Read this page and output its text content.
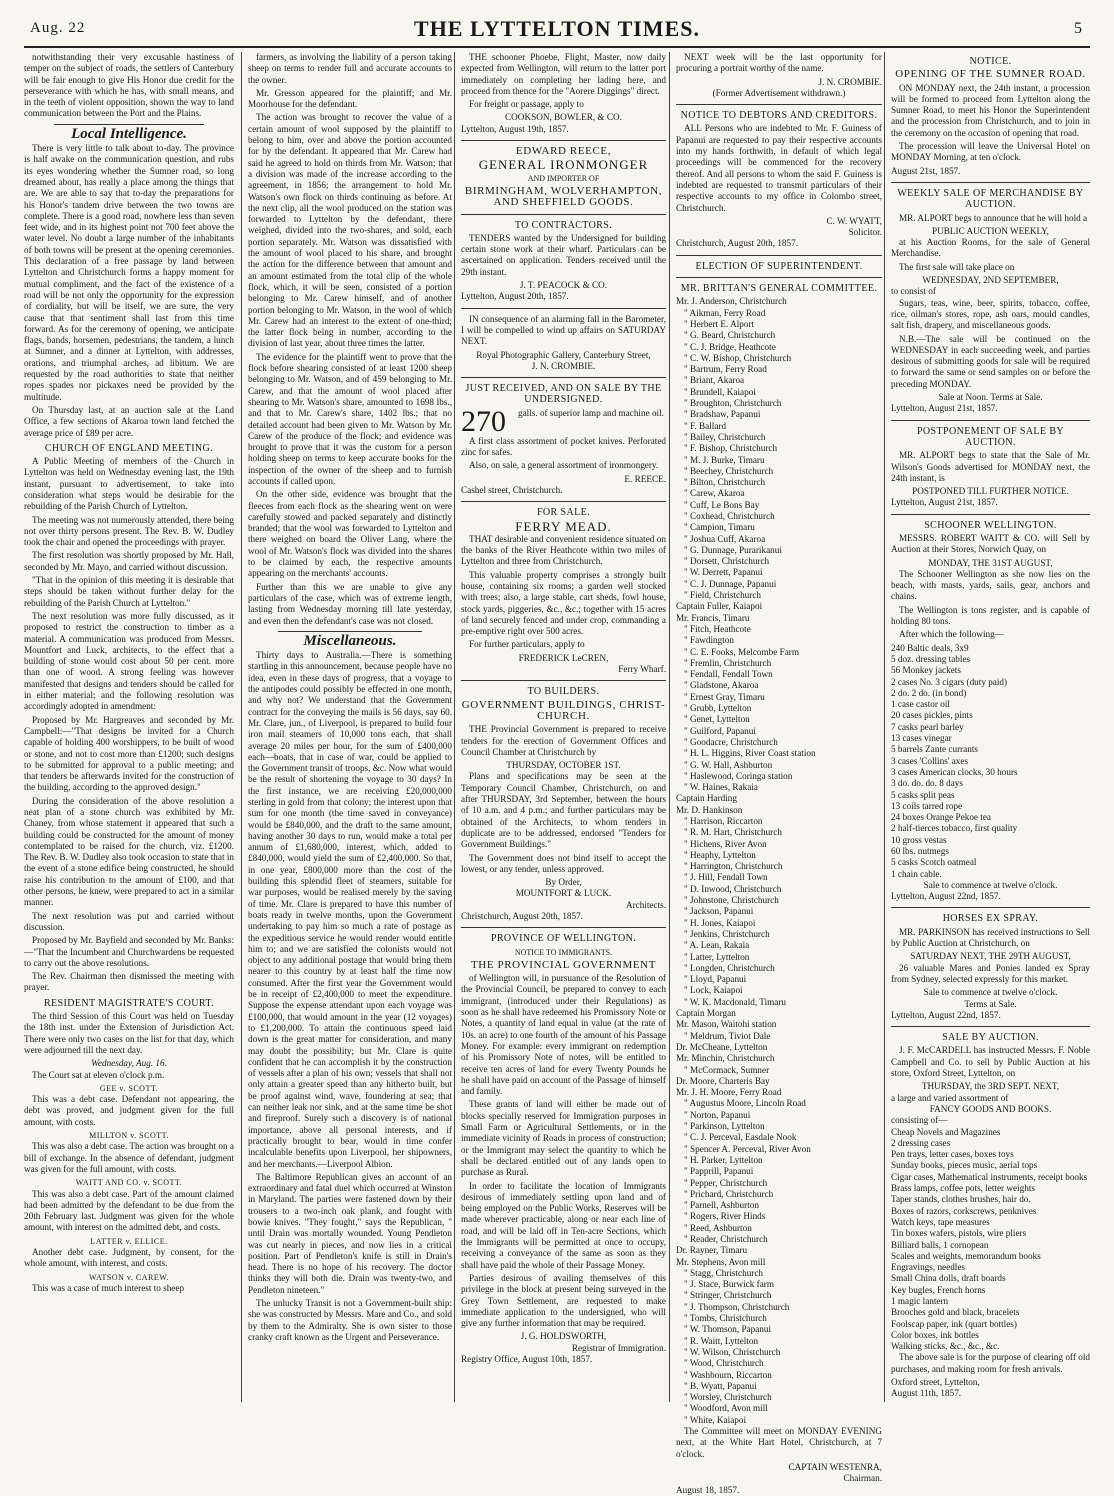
Aug. 22	THE LYTTELTON TIMES.	5

notwithstanding their very excusable hastiness of temper on the subject of roads, the settlers of Canterbury will be fair enough to give His Honor due credit for the perseverance with which he has, with small means, and in the teeth of violent opposition, shown the way to land communication between the Port and the Plains.

Local Intelligence.

There is very little to talk about to-day. The province is half awake on the communication question, and rubs its eyes wondering whether the Sumner road, so long dreamed about, has really a place among the things that are. We are able to say that to-day the preparations for his Honor's tandem drive between the two towns are complete. There is a good road, nowhere less than seven feet wide, and in its highest point not 700 feet above the water level. No doubt a large number of the inhabitants of both towns will be present at the opening ceremonies. This declaration of a free passage by land between Lyttelton and Christchurch forms a happy moment for mutual compliment, and the fact of the existence of a road will be not only the opportunity for the expression of cordiality, but will be itself, we are sure, the very cause that that sentiment shall last from this time forward. As for the ceremony of opening, we anticipate flags, bands, horsemen, pedestrians, the tandem, a lunch at Sumner, and a dinner at Lyttelton, with addresses, orations, and triumphal arches, ad libitum. We are requested by the road authorities to state that neither ropes spades nor pickaxes need be provided by the multitude.

On Thursday last, at an auction sale at the Land Office, a few sections of Akaroa town land fetched the average price of £89 per acre.

CHURCH OF ENGLAND MEETING.

A Public Meeting of members of the Church in Lyttelton was held on Wednesday evening last, the 19th instant, pursuant to advertisement, to take into consideration what steps would be desirable for the rebuilding of the Parish Church of Lyttelton.

The meeting was not numerously attended, there being not over thirty persons present. The Rev. B. W. Dudley took the chair and opened the proceedings with prayer.

The first resolution was shortly proposed by Mr. Hall, seconded by Mr. Mayo, and carried without discussion.

"That in the opinion of this meeting it is desirable that steps should be taken without further delay for the rebuilding of the Parish Church at Lyttelton."

The next resolution was more fully discussed, as it proposed to restrict the construction to timber as a material. A communication was produced from Messrs. Mountfort and Luck, architects, to the effect that a building of stone would cost about 50 per cent. more than one of wood. A strong feeling was however manifested that designs and tenders should be called for in either material; and the following resolution was accordingly adopted in amendment:

Proposed by Mr. Hargreaves and seconded by Mr. Campbell:—"That designs be invited for a Church capable of holding 400 worshippers, to be built of wood or stone, and not to cost more than £1200; such designs to be submitted for approval to a public meeting; and that tenders be afterwards invited for the construction of the building, according to the approved design."

During the consideration of the above resolution a neat plan of a stone church was exhibited by Mr. Chaney, from whose statement it appeared that such a building could be constructed for the amount of money contemplated to be raised for the church, viz. £1200. The Rev. B. W. Dudley also took occasion to state that in the event of a stone edifice being constructed, he should raise his contribution to the amount of £100, and that other persons, he knew, were prepared to act in a similar manner.

The next resolution was put and carried without discussion.

Proposed by Mr. Bayfield and seconded by Mr. Banks:—"That the Incumbent and Churchwardens be requested to carry out the above resolutions.

The Rev. Chairman then dismissed the meeting with prayer.

RESIDENT MAGISTRATE'S COURT.

The third Session of this Court was held on Tuesday the 18th inst. under the Extension of Jurisdiction Act. There were only two cases on the list for that day, which were adjourned till the next day.

Wednesday, Aug. 16.

The Court sat at eleven o'clock p.m.

GEE v. SCOTT.

This was a debt case. Defendant not appearing, the debt was proved, and judgment given for the full amount, with costs.

MILLTON v. SCOTT.

This was also a debt case. The action was brought on a bill of exchange. In the absence of defendant, judgment was given for the full amount, with costs.

WAITT AND CO. v. SCOTT.

This was also a debt case. Part of the amount claimed had been admitted by the defendant to be due from the 20th February last. Judgment was given for the whole amount, with interest on the admitted debt, and costs.

LATTER v. ELLICE.

Another debt case. Judgment, by consent, for the whole amount, with interest, and costs.

WATSON v. CAREW.

This was a case of much interest to sheep

farmers, as involving the liability of a person taking sheep on terms to render full and accurate accounts to the owner.

Mr. Gresson appeared for the plaintiff; and Mr. Moorhouse for the defendant.

The action was brought to recover the value of a certain amount of wool supposed by the plaintiff to belong to him, over and above the portion accounted for by the defendant. It appeared that Mr. Carew had said he agreed to hold on thirds from Mr. Watson; that a division was made of the increase according to the agreement, in 1856; the arrangement to hold Mr. Watson's own flock on thirds continuing as before. At the next clip, all the wool produced on the station was forwarded to Lyttelton by the defendant, there weighed, divided into the two-shares, and sold, each portion separately. Mr. Watson was dissatisfied with the amount of wool placed to his share, and brought the action for the difference between that amount and an amount estimated from the total clip of the whole flock, which, it will be seen, consisted of a portion belonging to Mr. Carew himself, and of another portion belonging to Mr. Watson, in the wool of which Mr. Carew had an interest to the extent of one-third; the latter flock being in number, according to the division of last year, about three times the latter.

The evidence for the plaintiff went to prove that the flock before shearing consisted of at least 1200 sheep belonging to Mr. Watson, and of 459 belonging to Mr. Carew, and that the amount of wool placed after shearing to Mr. Watson's share, amounted to 1698 lbs., and that to Mr. Carew's share, 1402 lbs.; that no detailed account had been given to Mr. Watson by Mr. Carew of the produce of the flock; and evidence was brought to prove that it was the custom for a person holding sheep on terms to keep accurate books for the inspection of the owner of the sheep and to furnish accounts if called upon.

On the other side, evidence was brought that the fleeces from each flock as the shearing went on were carefully stowed and packed separately and distinctly branded; that the wool was forwarded to Lyttelton and there weighed on board the Oliver Lang, where the wool of Mr. Watson's flock was divided into the shares to be claimed by each, the respective amounts appearing on the merchants' accounts.

Further than this we are unable to give any particulars of the case, which was of extreme length, lasting from Wednesday morning till late yesterday, and even then the defendant's case was not closed.

Miscellaneous.

Thirty days to Australia.—There is something startling in this announcement, because people have no idea, even in these days of progress, that a voyage to the antipodes could possibly be effected in one month, and why not? We understand that the Government contract for the conveying the mails is 56 days, say 60. Mr. Clare, jun., of Liverpool, is prepared to build four iron mail steamers of 10,000 tons each, that shall average 20 miles per hour, for the sum of £400,000 each—boats, that in case of war, could be applied to the Government transit of troops, &c. Now what would be the result of shortening the voyage to 30 days? In the first instance, we are receiving £20,000,000 sterling in gold from that colony; the interest upon that sum for one month (the time saved in conveyance) would be £840,000, and the draft to the same amount, having another 30 days to run, would make a total per annum of £1,680,000, interest, which, added to £840,000, would yield the sum of £2,400,000. So that, in one year, £800,000 more than the cost of the building this splendid fleet of steamers, suitable for war purposes, would be realised merely by the saving of time. Mr. Clare is prepared to have this number of boats ready in twelve months, upon the Government undertaking to pay him so much a rate of postage as the expeditious service he would render would entitle him to; and we are satisfied the colonists would not object to any additional postage that would bring them nearer to this country by at least half the time now consumed. After the first year the Government would be in receipt of £2,400,000 to meet the expenditure. Suppose the expense attendant upon each voyage was £100,000, that would amount in the year (12 voyages) to £1,200,000. To attain the continuous speed laid down is the great matter for consideration, and many may doubt the possibility; but Mr. Clare is quite confident that he can accomplish it by the construction of vessels after a plan of his own; vessels that shall not only attain a greater speed than any hitherto built, but be proof against wind, wave, foundering at sea; that can neither leak nor sink, and at the same time be shot and fireproof. Surely such a discovery is of national importance, above all personal interests, and if practically brought to bear, would in time confer incalculable benefits upon Liverpool, her shipowners, and her merchants.—Liverpool Albion.

The Baltimore Republican gives an account of an extraordinary and fatal duel which occurred at Winston in Maryland. The parties were fastened down by their trousers to a two-inch oak plank, and fought with bowie knives. "They fought," says the Republican, " until Drain was mortally wounded. Young Pendleton was cut nearly in pieces, and now lies in a critical position. Part of Pendleton's knife is still in Drain's head. There is no hope of his recovery. The doctor thinks they will both die. Drain was twenty-two, and Pendleton nineteen."

The unlucky Transit is not a Government-built ship: she was constructed by Messrs. Mare and Co., and sold by them to the Admiralty. She is own sister to those cranky craft known as the Urgent and Perseverance.

THE schooner Phoebe, Flight, Master, now daily expected from Wellington, will return to the latter port immediately on completing her lading here, and proceed from thence for the "Aorere Diggings" direct.

For freight or passage, apply to

COOKSON, BOWLER, & CO.
Lyttelton, August 19th, 1857.
EDWARD REECE,
GENERAL IRONMONGER
AND IMPORTER OF
BIRMINGHAM, WOLVERHAMPTON, AND SHEFFIELD GOODS.
TO CONTRACTORS.

TENDERS wanted by the Undersigned for building certain stone work at their wharf. Particulars can be ascertained on application. Tenders received until the 29th instant.

J. T. PEACOCK & CO.
Lyttelton, August 20th, 1857.

IN consequence of an alarming fall in the Barometer, I will be compelled to wind up affairs on SATURDAY NEXT.

Royal Photographic Gallery, Canterbury Street,
J. N. CROMBIE.
JUST RECEIVED, AND ON SALE BY THE UNDERSIGNED.
270	galls. of superior lamp and machine oil.

A first class assortment of pocket knives. Perforated zinc for safes.

Also, on sale, a general assortment of ironmongery.

E. REECE.
Cashel street, Christchurch.
FOR SALE.
FERRY MEAD.

THAT desirable and convenient residence situated on the banks of the River Heathcote within two miles of Lyttelton and three from Christchurch.

This valuable property comprises a strongly built house, containing six rooms; a garden well stocked with trees; also, a large stable, cart sheds, fowl house, stock yards, piggeries, &c., &c.; together with 15 acres of land securely fenced and under crop, commanding a pre-emptive right over 500 acres.

For further particulars, apply to

FREDERICK LeCREN,
Ferry Wharf.
TO BUILDERS.
GOVERNMENT BUILDINGS, CHRIST-CHURCH.

THE Provincial Government is prepared to receive tenders for the erection of Government Offices and Council Chamber at Christchurch by

THURSDAY, OCTOBER 1ST.

Plans and specifications may be seen at the Temporary Council Chamber, Christchurch, on and after THURSDAY, 3rd September, between the hours of 10 a.m. and 4 p.m.; and further particulars may be obtained of the Architects, to whom tenders in duplicate are to be addressed, endorsed "Tenders for Government Buildings."

The Government does not bind itself to accept the lowest, or any tender, unless approved.

By Order,
MOUNTFORT & LUCK.
Architects.
Christchurch, August 20th, 1857.
PROVINCE OF WELLINGTON.
NOTICE TO IMMIGRANTS.
THE PROVINCIAL GOVERNMENT

of Wellington will, in pursuance of the Resolution of the Provincial Council, be prepared to convey to each immigrant, (introduced under their Regulations) as soon as he shall have redeemed his Promissory Note or Notes, a quantity of land equal in value (at the rate of 10s. an acre) to one fourth of the amount of his Passage Money. For example: every immigrant on redemption of his Promissory Note of notes, will be entitled to receive ten acres of land for every Twenty Pounds he he shall have paid on account of the Passage of himself and family.

These grants of land will either be made out of blocks specially reserved for Immigration purposes in Small Farm or Agricultural Settlements, or in the immediate vicinity of Roads in process of construction; or the Immigrant may select the quantity to which he shall be declared entitled out of any lands open to purchase as Rural.

In order to facilitate the location of Immigrants desirous of immediately settling upon land and of being employed on the Public Works, Reserves will be made wherever practicable, along or near each line of road, and will be laid off in Ten-acre Sections, which the Immigrants will be permitted at once to occupy, receiving a conveyance of the same as soon as they shall have paid the whole of their Passage Money.

Parties desirous of availing themselves of this privilege in the block at present being surveyed in the Grey Town Settlement, are requested to make immediate application to the undersigned, who will give any further information that may be required.

J. G. HOLDSWORTH,
Registrar of Immigration.
Registry Office, August 10th, 1857.

NEXT week will be the last opportunity for procuring a portrait worthy of the name.

J. N. CROMBIE.
(Former Advertisement withdrawn.)
NOTICE TO DEBTORS AND CREDITORS.

ALL Persons who are indebted to Mr. F. Guiness of Papanui are requested to pay their respective accounts into my hands forthwith, in default of which legal proceedings will be commenced for the recovery thereof. And all persons to whom the said F. Guiness is indebted are requested to transmit particulars of their respective accounts to my office in Colombo street, Christchurch.

C. W. WYATT,
Solicitor.
Christchurch, August 20th, 1857.
ELECTION OF SUPERINTENDENT.
MR. BRITTAN'S GENERAL COMMITTEE.
Mr. J. Anderson, Christchurch
" Aikman, Ferry Road
" Herbert E. Alport
" G. Beard, Christchurch
" C. J. Bridge, Heathcote
" C. W. Bishop, Christchurch
" Bartrum, Ferry Road
" Briant, Akaroa
" Brundell, Kaiapoi
" Broughton, Christchurch
" Bradshaw, Papanui
" F. Ballard
" Bailey, Christchurch
" F. Bishop, Christchurch
" M. J. Burke, Timaru
" Beechey, Christchurch
" Bilton, Christchurch
" Carew, Akaroa
" Cuff, Le Bons Bay
" Coxhead, Christchurch
" Campion, Timaru
" Joshua Cuff, Akaroa
" G. Dunnage, Purarikanui
" Dorsett, Christchurch
" W. Derrett, Papanui
" C. J. Dunnage, Papanui
" Field, Christchurch
Captain Fuller, Kaiapoi
Mr. Francis, Timaru
" Fitch, Heathcote
" Fawdington
" C. E. Fooks, Melcombe Farm
" Fremlin, Christchurch
" Fendall, Fendall Town
" Gladstone, Akaroa
" Ernest Gray, Timaru
" Grubb, Lyttelton
" Genet, Lyttelton
" Guilford, Papanui
" Goodacre, Christchurch
" H. L. Higgins, River Coast station
" G. W. Hall, Ashburton
" Haslewood, Coringa station
" W. Haines, Rakaia
Captain Harding
Mr. D. Hankinson
" Harrison, Riccarton
" R. M. Hart, Christchurch
" Hichens, River Avon
" Heaphy, Lyttelton
" Harrington, Christchurch
" J. Hill, Fendall Town
" D. Inwood, Christchurch
" Johnstone, Christchurch
" Jackson, Papanui
" H. Jones, Kaiapoi
" Jenkins, Christchurch
" A. Lean, Rakaia
" Latter, Lyttelton
" Longden, Christchurch
" Lloyd, Papanui
" Lock, Kaiapoi
" W. K. Macdonald, Timaru
Captain Morgan
Mr. Mason, Waitohi station
" Meldrum, Tiviot Dale
Dr. McCheane, Lyttelton
Mr. Minchin, Christchurch
" McCormack, Sumner
Dr. Moore, Charteris Bay
Mr. J. H. Moore, Ferry Road
" Augustus Moore, Lincoln Road
" Norton, Papanui
" Parkinson, Lyttelton
" C. J. Perceval, Easdale Nook
" Spencer A. Perceval, River Avon
" H. Parker, Lyttelton
" Papprill, Papanui
" Pepper, Christchurch
" Prichard, Christchurch
" Parnell, Ashburton
" Rogers, River Hinds
" Reed, Ashburton
" Reader, Christchurch
Dr. Rayner, Timaru
Mr. Stephens, Avon mill
" Stagg, Christchurch
" J. Stace, Burwick farm
" Stringer, Christchurch
" J. Thompson, Christchurch
" Tombs, Christchurch
" W. Thomson, Papanui
" R. Waitt, Lyttelton
" W. Wilson, Christchurch
" Wood, Christchurch
" Washbourn, Riccarton
" B. Wyatt, Papanui
" Worsley, Christchurch
" Woodford, Avon mill
" White, Kaiapoi

The Committee will meet on MONDAY EVENING next, at the White Hart Hotel, Christchurch, at 7 o'clock.

CAPTAIN WESTENRA,
Chairman.
August 18, 1857.
NOTICE.
OPENING OF THE SUMNER ROAD.

ON MONDAY next, the 24th instant, a procession will be formed to proceed from Lyttelton along the Sumner Road, to meet his Honor the Superintendent and the procession from Christchurch, and to join in the ceremony on the occasion of opening that road.

The procession will leave the Universal Hotel on MONDAY Morning, at ten o'clock.

August 21st, 1857.
WEEKLY SALE OF MERCHANDISE BY AUCTION.

MR. ALPORT begs to announce that he will hold a

PUBLIC AUCTION WEEKLY,

at his Auction Rooms, for the sale of General Merchandise.

The first sale will take place on

WEDNESDAY, 2ND SEPTEMBER,
to consist of

Sugars, teas, wine, beer, spirits, tobacco, coffee, rice, oilman's stores, rope, ash oars, mould candles, salt fish, drapery, and miscellaneous goods.

N.B.—The sale will be continued on the WEDNESDAY in each succeeding week, and parties desirous of submitting goods for sale will be required to forward the same or send samples on or before the preceding MONDAY.

Sale at Noon. Terms at Sale.
Lyttelton, August 21st, 1857.
POSTPONEMENT OF SALE BY AUCTION.

MR. ALPORT begs to state that the Sale of Mr. Wilson's Goods advertised for MONDAY next, the 24th instant, is

POSTPONED TILL FURTHER NOTICE.
Lyttelton, August 21st, 1857.
SCHOONER WELLINGTON.

MESSRS. ROBERT WAITT & CO. will Sell by Auction at their Stores, Norwich Quay, on

MONDAY, THE 31ST AUGUST,

The Schooner Wellington as she now lies on the beach, with masts, yards, sails, gear, anchors and chains.

The Wellington is tons register, and is capable of holding 80 tons.

After which the following—

240 Baltic deals, 3x9
5 doz. dressing tables
56 Monkey jackets
2 cases No. 3 cigars (duty paid)
2 do. 2 do. (in bond)
1 case castor oil
20 cases pickles, pints
7 casks pearl barley
13 cases vinegar
5 barrels Zante currants
3 cases 'Collins' axes
3 cases American clocks, 30 hours
3 do. do. do. 8 days
5 casks split peas
13 coils tarred rope
24 boxes Orange Pekoe tea
2 half-tierces tobacco, first quality
10 gross vestas
60 lbs. nutmegs
5 casks Scotch oatmeal
1 chain cable.
Sale to commence at twelve o'clock.
Lyttelton, August 22nd, 1857.
HORSES EX SPRAY.

MR. PARKINSON has received instructions to Sell by Public Auction at Christchurch, on

SATURDAY NEXT, THE 29TH AUGUST,

26 valuable Mares and Ponies landed ex Spray from Sydney, selected expressly for this market.

Sale to commence at twelve o'clock.
Terms at Sale.
Lyttelton, August 22nd, 1857.
SALE BY AUCTION.

J. F. McCARDELL has instructed Messrs. F. Noble Campbell and Co. to sell by Public Auction at his store, Oxford Street, Lyttelton, on

THURSDAY, the 3RD SEPT. NEXT,
a large and varied assortment of
FANCY GOODS AND BOOKS.
consisting of—
Cheap Novels and Magazines
2 dressing cases
Pen trays, letter cases, boxes toys
Sunday books, pieces music, aerial tops
Cigar cases, Mathematical instruments, receipt books
Brass lamps, coffee pots, letter weights
Taper stands, clothes brushes, hair do.
Boxes of razors, corkscrews, penknives
Watch keys, tape measures
Tin boxes wafers, pistols, wire pliers
Billiard balls, 1 cornopean
Scales and weights, memorandum books
Engravings, needles
Small China dolls, draft boards
Key bugles, French horns
1 magic lantern
Brooches gold and black, bracelets
Foolscap paper, ink (quart bottles)
Color boxes, ink bottles
Walking sticks, &c., &c., &c.

The above sale is for the purpose of clearing off old purchases, and making room for fresh arrivals.

Oxford street, Lyttelton,
August 11th, 1857.
